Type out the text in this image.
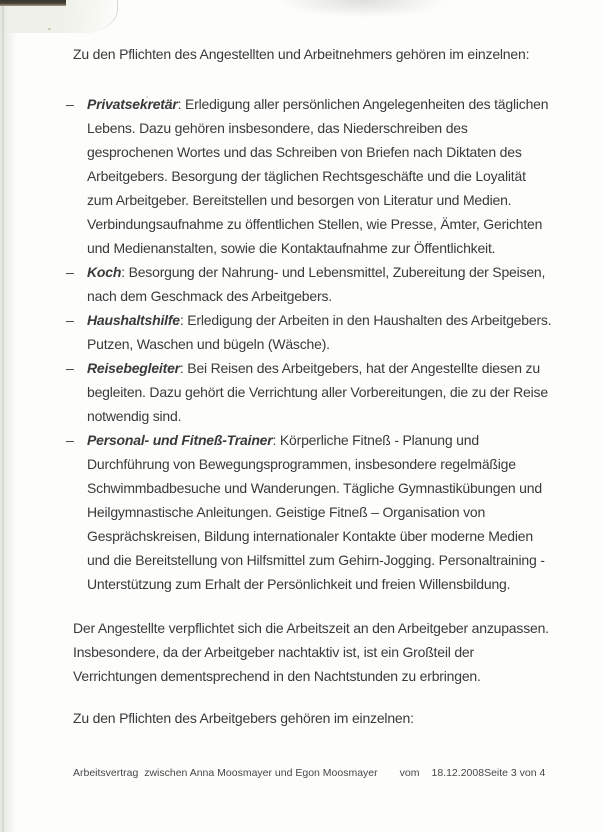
Zu den Pflichten des Angestellten und Arbeitnehmers gehören im einzelnen:

– Privatsekretär: Erledigung aller persönlichen Angelegenheiten des täglichen Lebens. Dazu gehören insbesondere, das Niederschreiben des gesprochenen Wortes und das Schreiben von Briefen nach Diktaten des Arbeitgebers. Besorgung der täglichen Rechtsgeschäfte und die Loyalität zum Arbeitgeber. Bereitstellen und besorgen von Literatur und Medien. Verbindungsaufnahme zu öffentlichen Stellen, wie Presse, Ämter, Gerichten und Medienanstalten, sowie die Kontaktaufnahme zur Öffentlichkeit.
– Koch: Besorgung der Nahrung- und Lebensmittel, Zubereitung der Speisen, nach dem Geschmack des Arbeitgebers.
– Haushaltshilfe: Erledigung der Arbeiten in den Haushalten des Arbeitgebers. Putzen, Waschen und bügeln (Wäsche).
– Reisebegleiter: Bei Reisen des Arbeitgebers, hat der Angestellte diesen zu begleiten. Dazu gehört die Verrichtung aller Vorbereitungen, die zu der Reise notwendig sind.
– Personal- und Fitneß-Trainer: Körperliche Fitneß - Planung und Durchführung von Bewegungsprogrammen, insbesondere regelmäßige Schwimmbadbesuche und Wanderungen. Tägliche Gymnastikübungen und Heilgymnastische Anleitungen. Geistige Fitneß – Organisation von Gesprächskreisen, Bildung internationaler Kontakte über moderne Medien und die Bereitstellung von Hilfsmittel zum Gehirn-Jogging. Personaltraining -Unterstützung zum Erhalt der Persönlichkeit und freien Willensbildung.

Der Angestellte verpflichtet sich die Arbeitszeit an den Arbeitgeber anzupassen. Insbesondere, da der Arbeitgeber nachtaktiv ist, ist ein Großteil der Verrichtungen dementsprechend in den Nachtstunden zu erbringen.

Zu den Pflichten des Arbeitgebers gehören im einzelnen:

Arbeitsvertrag  zwischen Anna Moosmayer und Egon Moosmayer vom 18.12.2008 Seite 3 von 4
